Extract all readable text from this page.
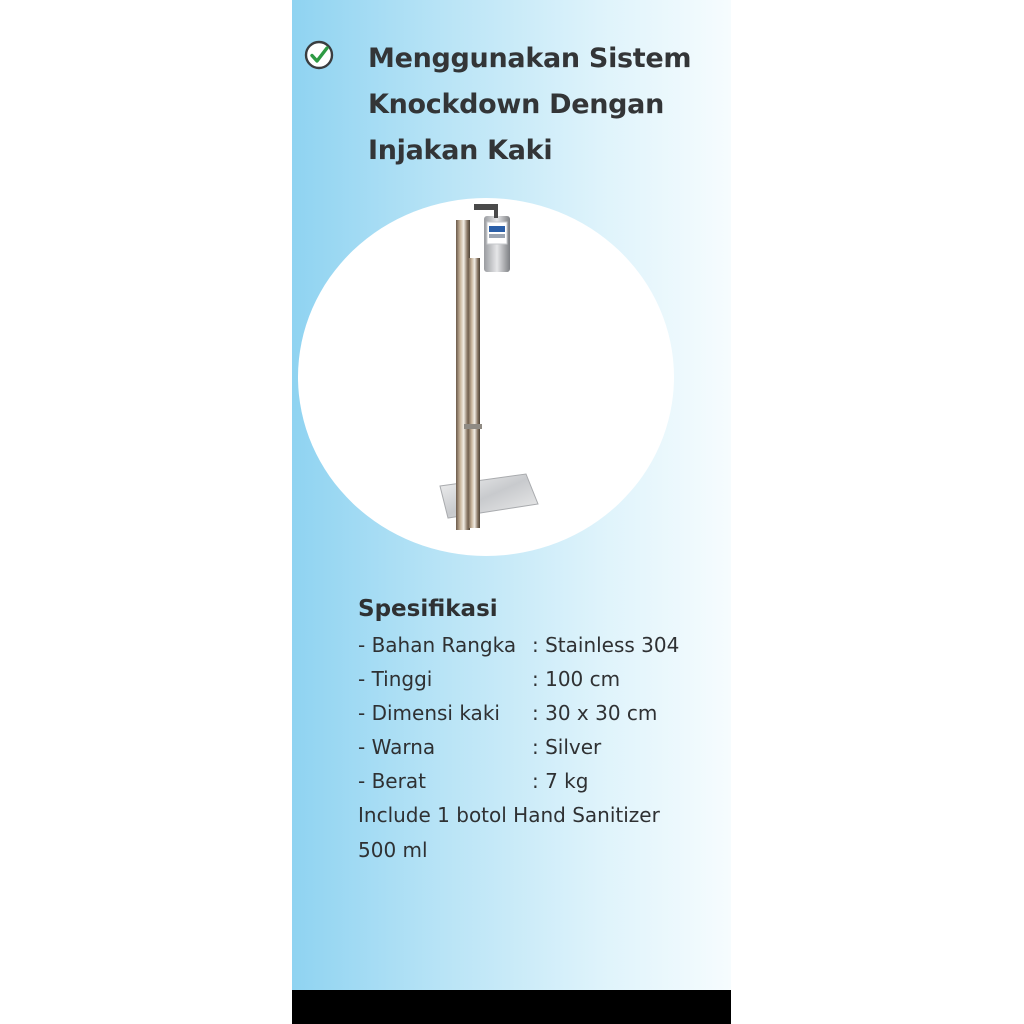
Menggunakan Sistem
Knockdown Dengan
Injakan Kaki
Spesifikasi
- Bahan Rangka : Stainless 304
- Tinggi	: 100 cm
- Dimensi kaki : 30 x 30 cm
- Warna	: Silver
- Berat	: 7 kg
Include 1 botol Hand Sanitizer
500 ml
